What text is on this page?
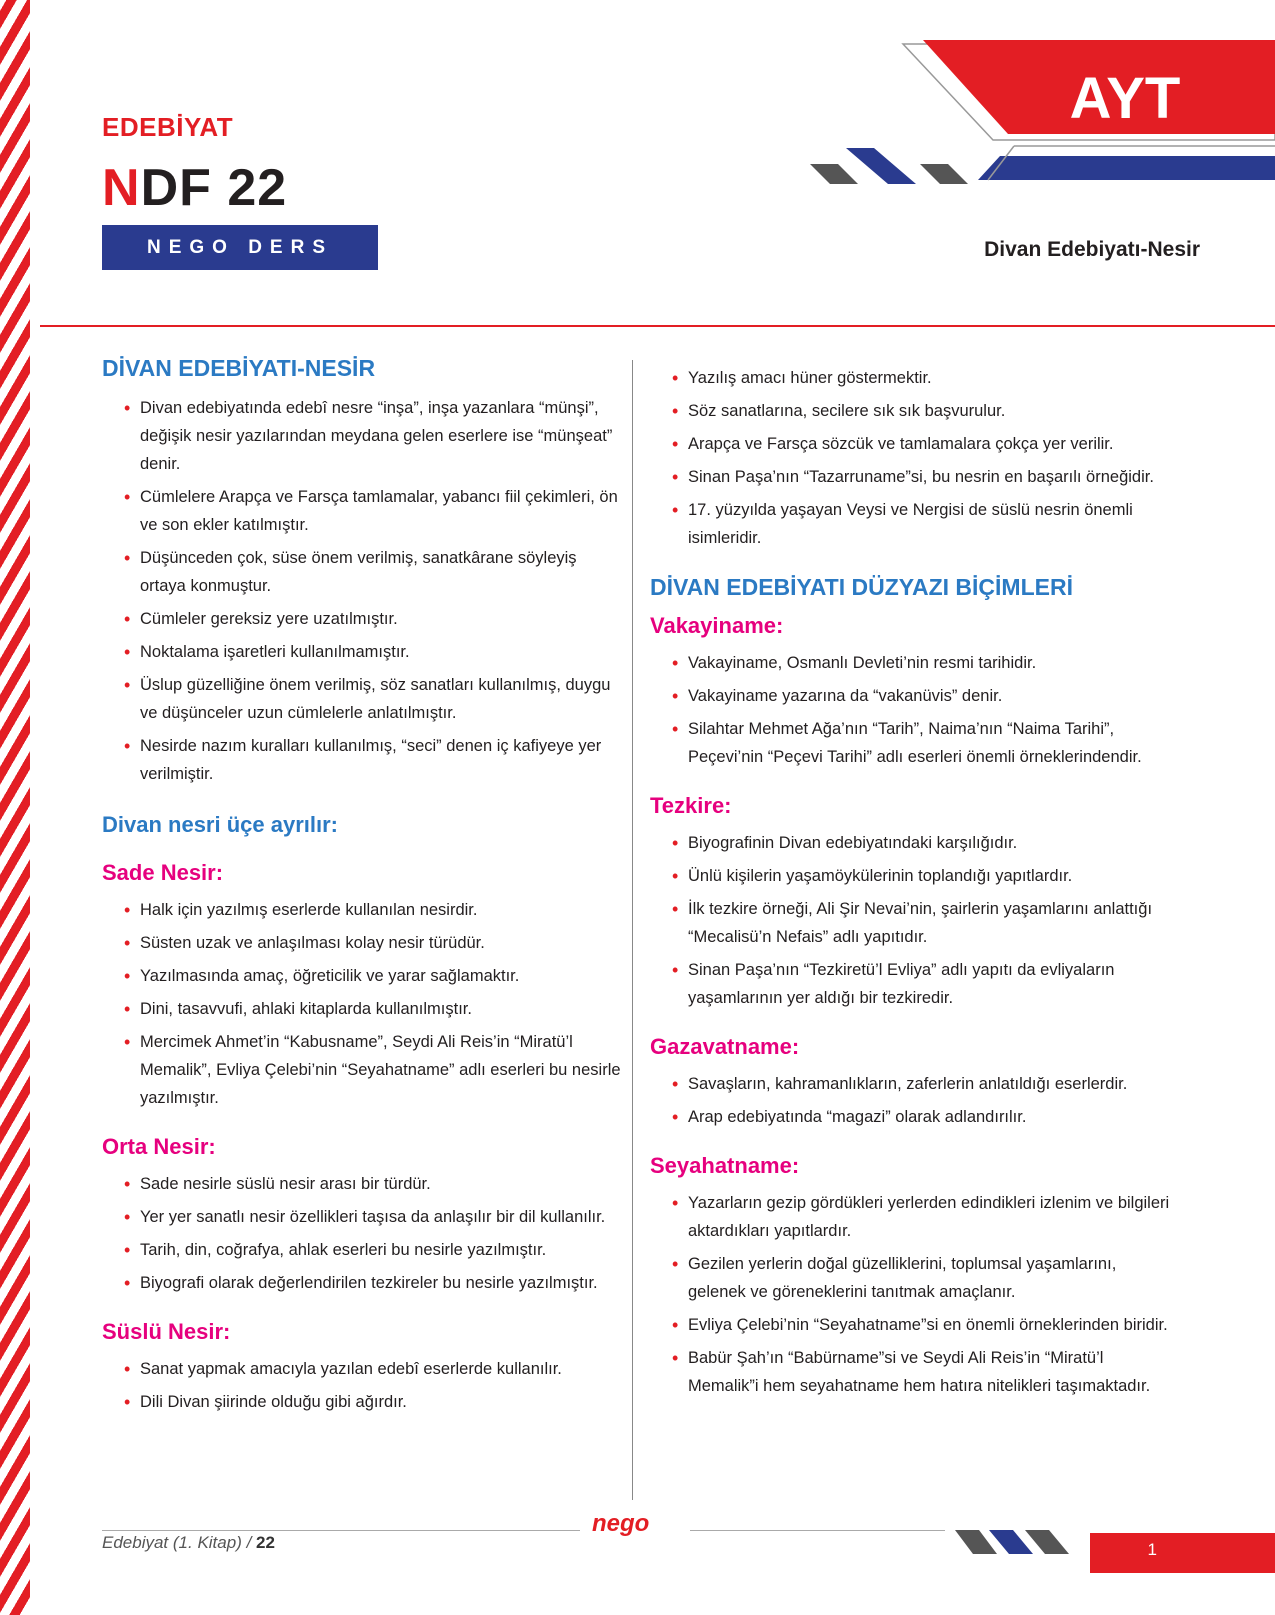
EDEBİYAT
NDF 22
NEGO DERS FÖYÜ
AYT
Divan Edebiyatı-Nesir
DİVAN EDEBİYATI-NESİR
• Divan edebiyatında edebî nesre “inşa”, inşa yazanlara “münşi”, değişik nesir yazılarından meydana gelen eserlere ise “münşeat” denir.
• Cümlelere Arapça ve Farsça tamlamalar, yabancı fiil çekimleri, ön ve son ekler katılmıştır.
• Düşünceden çok, süse önem verilmiş, sanatkârane söyleyiş ortaya konmuştur.
• Cümleler gereksiz yere uzatılmıştır.
• Noktalama işaretleri kullanılmamıştır.
• Üslup güzelliğine önem verilmiş, söz sanatları kullanılmış, duygu ve düşünceler uzun cümlelerle anlatılmıştır.
• Nesirde nazım kuralları kullanılmış, “seci” denen iç kafiyeye yer verilmiştir.
Divan nesri üçe ayrılır:
Sade Nesir:
• Halk için yazılmış eserlerde kullanılan nesirdir.
• Süsten uzak ve anlaşılması kolay nesir türüdür.
• Yazılmasında amaç, öğreticilik ve yarar sağlamaktır.
• Dini, tasavvufi, ahlaki kitaplarda kullanılmıştır.
• Mercimek Ahmet’in “Kabusname”, Seydi Ali Reis’in “Miratü’l Memalik”, Evliya Çelebi’nin “Seyahatname” adlı eserleri bu nesirle yazılmıştır.
Orta Nesir:
• Sade nesirle süslü nesir arası bir türdür.
• Yer yer sanatlı nesir özellikleri taşısa da anlaşılır bir dil kullanılır.
• Tarih, din, coğrafya, ahlak eserleri bu nesirle yazılmıştır.
• Biyografi olarak değerlendirilen tezkireler bu nesirle yazılmıştır.
Süslü Nesir:
• Sanat yapmak amacıyla yazılan edebî eserlerde kullanılır.
• Dili Divan şiirinde olduğu gibi ağırdır.
• Yazılış amacı hüner göstermektir.
• Söz sanatlarına, secilere sık sık başvurulur.
• Arapça ve Farsça sözcük ve tamlamalara çokça yer verilir.
• Sinan Paşa’nın “Tazarruname”si, bu nesrin en başarılı örneğidir.
• 17. yüzyılda yaşayan Veysi ve Nergisi de süslü nesrin önemli isimleridir.
DİVAN EDEBİYATI DÜZYAZI BİÇİMLERİ
Vakayiname:
• Vakayiname, Osmanlı Devleti’nin resmi tarihidir.
• Vakayiname yazarına da “vakanüvis” denir.
• Silahtar Mehmet Ağa’nın “Tarih”, Naima’nın “Naima Tarihi”, Peçevi’nin “Peçevi Tarihi” adlı eserleri önemli örneklerindendir.
Tezkire:
• Biyografinin Divan edebiyatındaki karşılığıdır.
• Ünlü kişilerin yaşamöykülerinin toplandığı yapıtlardır.
• İlk tezkire örneği, Ali Şir Nevai’nin, şairlerin yaşamlarını anlattığı “Mecalisü’n Nefais” adlı yapıtıdır.
• Sinan Paşa’nın “Tezkiretü’l Evliya” adlı yapıtı da evliyaların yaşamlarının yer aldığı bir tezkiredir.
Gazavatname:
• Savaşların, kahramanlıkların, zaferlerin anlatıldığı eserlerdir.
• Arap edebiyatında “magazi” olarak adlandırılır.
Seyahatname:
• Yazarların gezip gördükleri yerlerden edindikleri izlenim ve bilgileri aktardıkları yapıtlardır.
• Gezilen yerlerin doğal güzelliklerini, toplumsal yaşamlarını, gelenek ve göreneklerini tanıtmak amaçlanır.
• Evliya Çelebi’nin “Seyahatname”si en önemli örneklerinden biridir.
• Babür Şah’ın “Babürname”si ve Seydi Ali Reis’in “Miratü’l Memalik”i hem seyahatname hem hatıra nitelikleri taşımaktadır.
Edebiyat (1. Kitap) / 22
nego
1
